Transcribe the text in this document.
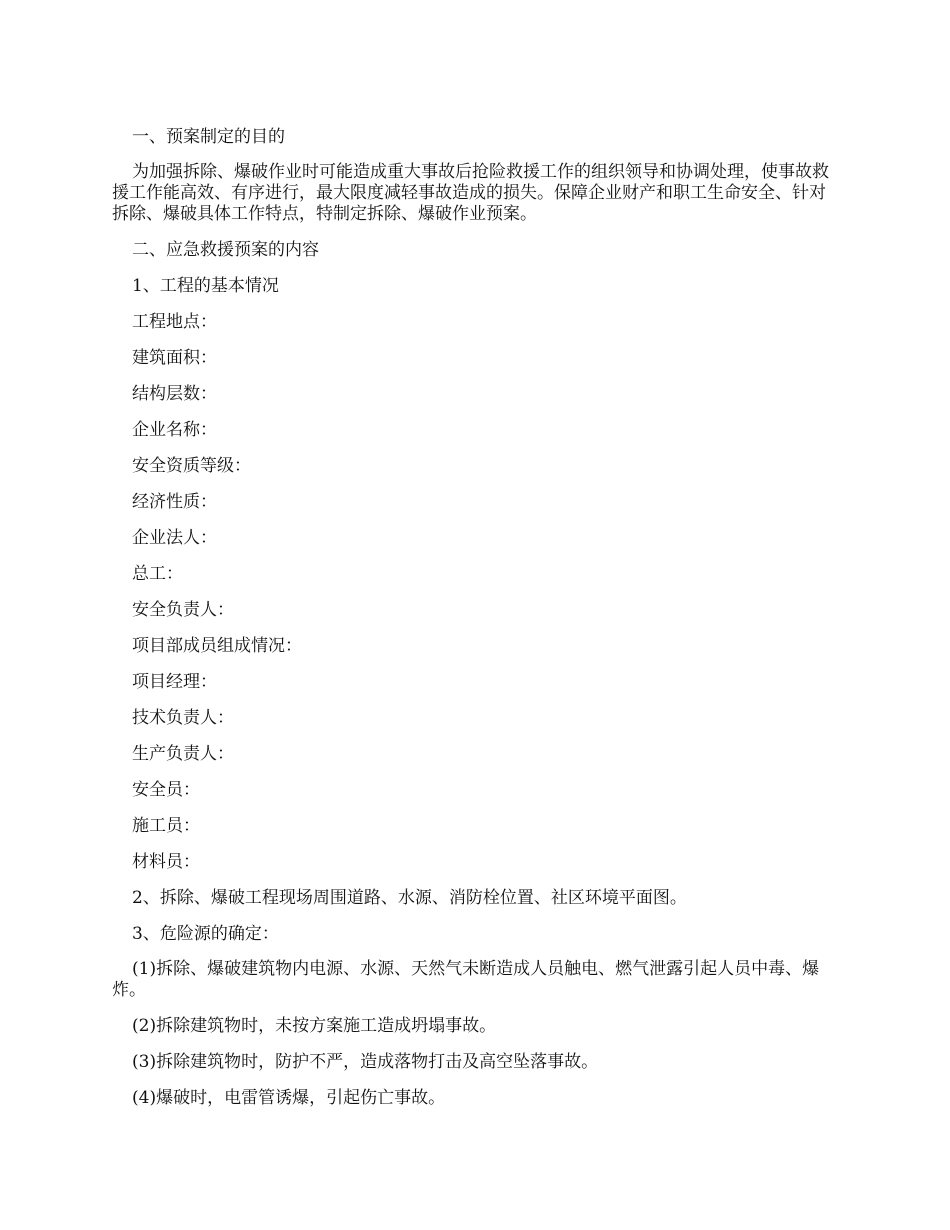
一、预案制定的目的

为加强拆除、爆破作业时可能造成重大事故后抢险救援工作的组织领导和协调处理，使事故救援工作能高效、有序进行，最大限度减轻事故造成的损失。保障企业财产和职工生命安全、针对拆除、爆破具体工作特点，特制定拆除、爆破作业预案。

二、应急救援预案的内容

1、工程的基本情况

工程地点：

建筑面积：

结构层数：

企业名称：

安全资质等级：

经济性质：

企业法人：

总工：

安全负责人：

项目部成员组成情况：

项目经理：

技术负责人：

生产负责人：

安全员：

施工员：

材料员：

2、拆除、爆破工程现场周围道路、水源、消防栓位置、社区环境平面图。

3、危险源的确定：

(1)拆除、爆破建筑物内电源、水源、天然气未断造成人员触电、燃气泄露引起人员中毒、爆炸。

(2)拆除建筑物时，未按方案施工造成坍塌事故。

(3)拆除建筑物时，防护不严，造成落物打击及高空坠落事故。

(4)爆破时，电雷管诱爆，引起伤亡事故。
